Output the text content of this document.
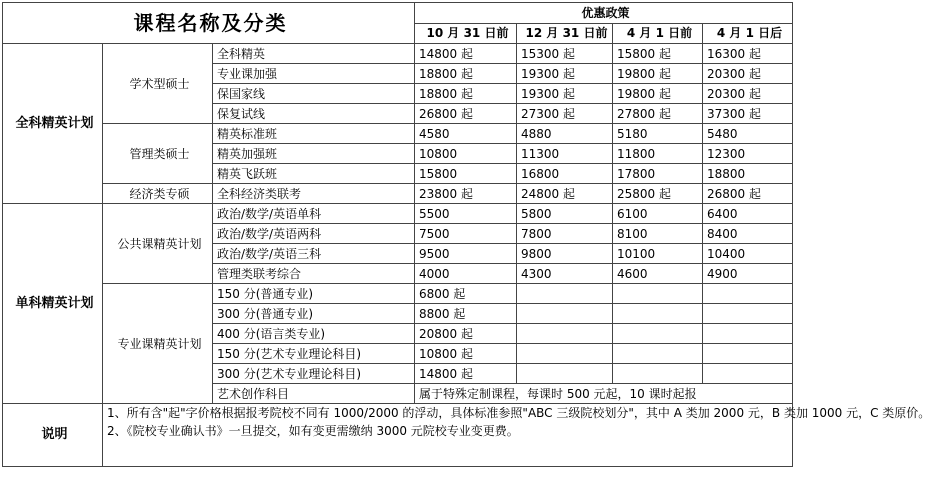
课程名称及分类			优惠政策			
			10 月 31 日前	12 月 31 日前	4 月 1 日前	4 月 1 日后
全科精英计划	学术型硕士	全科精英	14800 起	15300 起	15800 起	16300 起
		专业课加强	18800 起	19300 起	19800 起	20300 起
		保国家线	18800 起	19300 起	19800 起	20300 起
		保复试线	26800 起	27300 起	27800 起	37300 起
	管理类硕士	精英标准班	4580	4880	5180	5480
		精英加强班	10800	11300	11800	12300
		精英飞跃班	15800	16800	17800	18800
	经济类专硕	全科经济类联考	23800 起	24800 起	25800 起	26800 起
单科精英计划	公共课精英计划	政治/数学/英语单科	5500	5800	6100	6400
		政治/数学/英语两科	7500	7800	8100	8400
		政治/数学/英语三科	9500	9800	10100	10400
		管理类联考综合	4000	4300	4600	4900
	专业课精英计划	150 分(普通专业)	6800 起			
		300 分(普通专业)	8800 起			
		400 分(语言类专业)	20800 起			
		150 分(艺术专业理论科目)	10800 起			
		300 分(艺术专业理论科目)	14800 起			
		艺术创作科目	属于特殊定制课程，每课时 500 元起，10 课时起报			
说明	1、所有含"起"字价格根据报考院校不同有 1000/2000 的浮动，具体标准参照"ABC 三级院校划分"，其中 A 类加 2000 元，B 类加 1000 元，C 类原价。
2、《院校专业确认书》一旦提交，如有变更需缴纳 3000 元院校专业变更费。					
